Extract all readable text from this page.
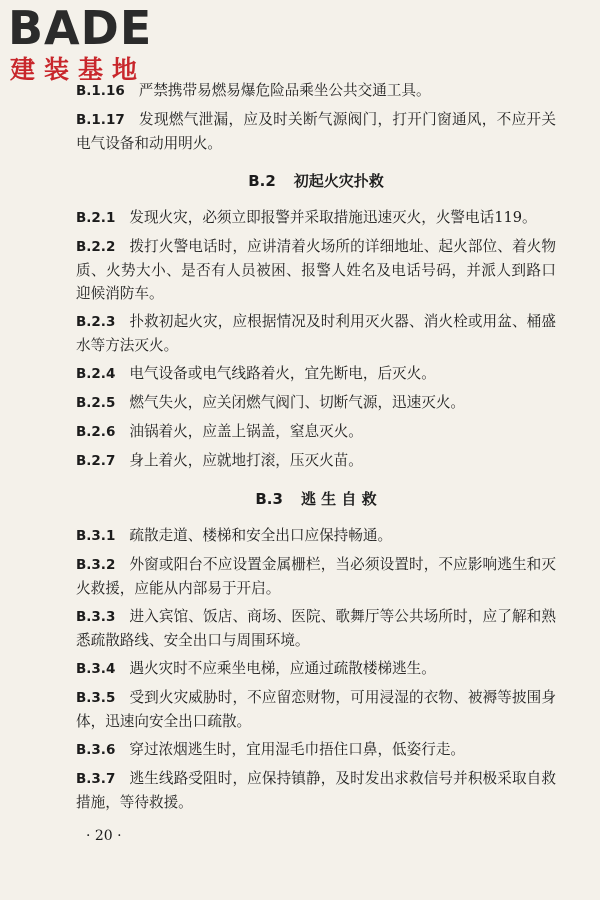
BADE
建装基地

B.1.16 严禁携带易燃易爆危险品乘坐公共交通工具。

B.1.17 发现燃气泄漏，应及时关断气源阀门，打开门窗通风，不应开关电气设备和动用明火。

B.2 初起火灾扑救

B.2.1 发现火灾，必须立即报警并采取措施迅速灭火，火警电话119。

B.2.2 拨打火警电话时，应讲清着火场所的详细地址、起火部位、着火物质、火势大小、是否有人员被困、报警人姓名及电话号码，并派人到路口迎候消防车。

B.2.3 扑救初起火灾，应根据情况及时利用灭火器、消火栓或用盆、桶盛水等方法灭火。

B.2.4 电气设备或电气线路着火，宜先断电，后灭火。

B.2.5 燃气失火，应关闭燃气阀门、切断气源，迅速灭火。

B.2.6 油锅着火，应盖上锅盖，窒息灭火。

B.2.7 身上着火，应就地打滚，压灭火苗。

B.3 逃 生 自 救

B.3.1 疏散走道、楼梯和安全出口应保持畅通。

B.3.2 外窗或阳台不应设置金属栅栏，当必须设置时，不应影响逃生和灭火救援，应能从内部易于开启。

B.3.3 进入宾馆、饭店、商场、医院、歌舞厅等公共场所时，应了解和熟悉疏散路线、安全出口与周围环境。

B.3.4 遇火灾时不应乘坐电梯，应通过疏散楼梯逃生。

B.3.5 受到火灾威胁时，不应留恋财物，可用浸湿的衣物、被褥等披围身体，迅速向安全出口疏散。

B.3.6 穿过浓烟逃生时，宜用湿毛巾捂住口鼻，低姿行走。

B.3.7 逃生线路受阻时，应保持镇静，及时发出求救信号并积极采取自救措施，等待救援。

· 20 ·
